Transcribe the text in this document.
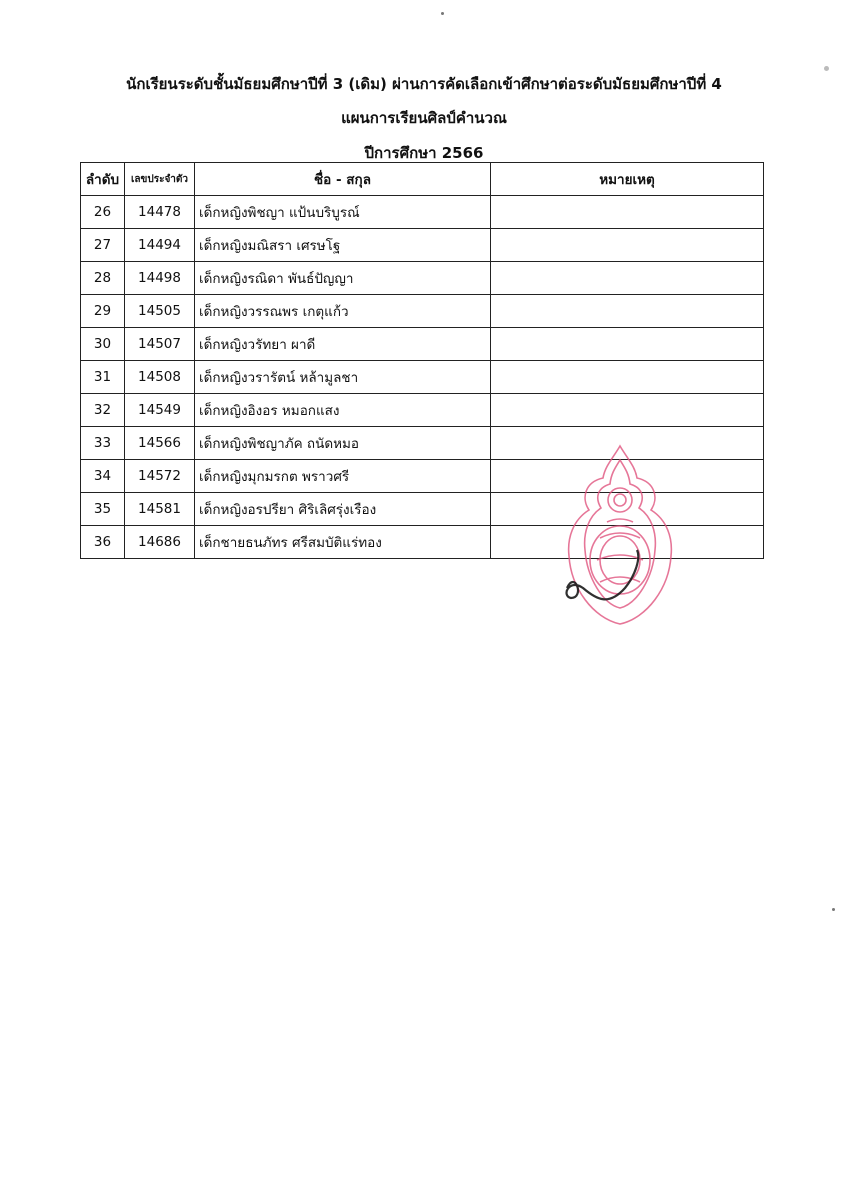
นักเรียนระดับชั้นมัธยมศึกษาปีที่ 3 (เดิม) ผ่านการคัดเลือกเข้าศึกษาต่อระดับมัธยมศึกษาปีที่ 4
แผนการเรียนศิลป์คำนวณ
ปีการศึกษา 2566
ลำดับ	เลขประจำตัว	ชื่อ - สกุล	หมายเหตุ
26	14478	เด็กหญิงพิชญา แป้นบริบูรณ์	
27	14494	เด็กหญิงมณิสรา เศรษโฐ	
28	14498	เด็กหญิงรณิดา พันธ์ปัญญา	
29	14505	เด็กหญิงวรรณพร เกตุแก้ว	
30	14507	เด็กหญิงวรัทยา ผาดี	
31	14508	เด็กหญิงวรารัตน์ หล้ามูลชา	
32	14549	เด็กหญิงอิงอร หมอกแสง	
33	14566	เด็กหญิงพิชญาภัค ถนัดหมอ	
34	14572	เด็กหญิงมุกมรกต พราวศรี	
35	14581	เด็กหญิงอรปรียา ศิริเลิศรุ่งเรือง	
36	14686	เด็กชายธนภัทร ศรีสมบัติแร่ทอง	
